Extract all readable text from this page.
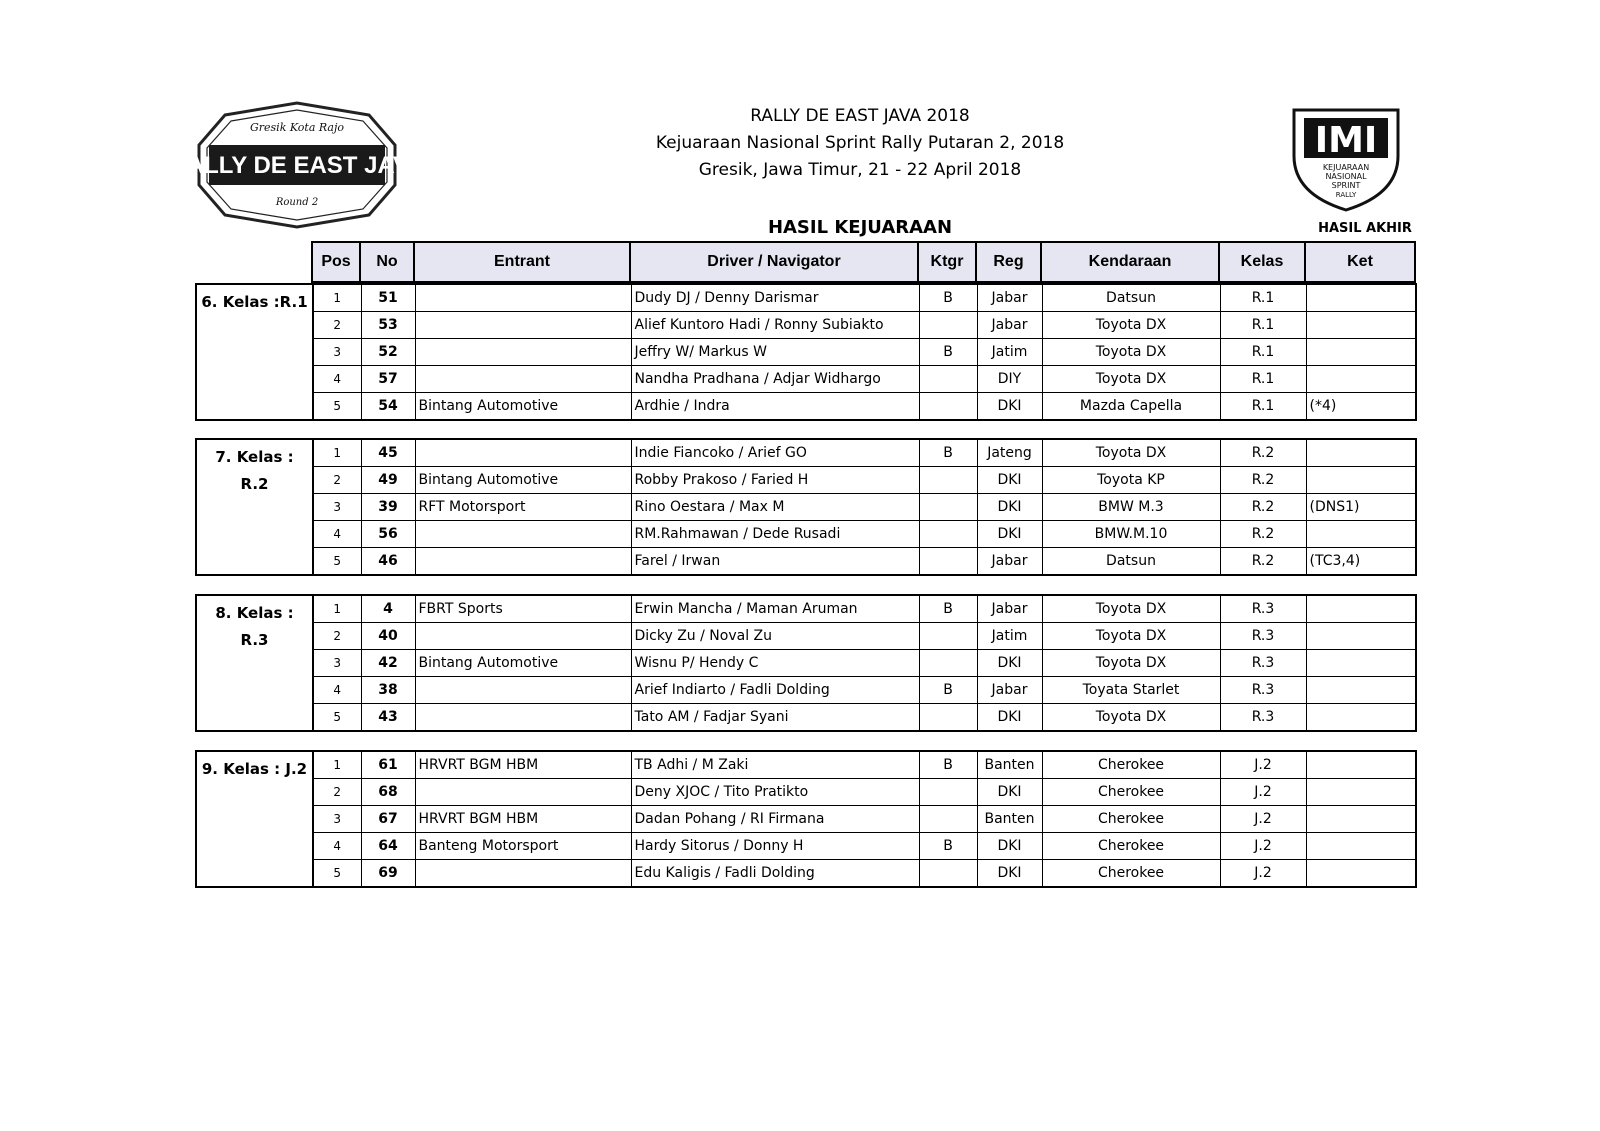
Gresik Kota Rajo
RALLY DE EAST JAVA
Round 2
RALLY DE EAST JAVA 2018
Kejuaraan Nasional Sprint Rally Putaran 2, 2018
Gresik, Jawa Timur, 21 - 22 April 2018
IMI
KEJUARAAN
NASIONAL
SPRINT
RALLY
HASIL KEJUARAAN	HASIL AKHIR
	Pos	No	Entrant	Driver / Navigator	Ktgr	Reg	Kendaraan	Kelas	Ket
6. Kelas :R.1	1	51		Dudy DJ / Denny Darismar	B	Jabar	Datsun	R.1	
	2	53		Alief Kuntoro Hadi / Ronny Subiakto		Jabar	Toyota DX	R.1	
	3	52		Jeffry W/ Markus W	B	Jatim	Toyota DX	R.1	
	4	57		Nandha Pradhana / Adjar Widhargo		DIY	Toyota DX	R.1	
	5	54	Bintang Automotive	Ardhie / Indra		DKI	Mazda Capella	R.1	(*4)
7. Kelas : R.2	1	45		Indie Fiancoko / Arief GO	B	Jateng	Toyota DX	R.2	
	2	49	Bintang Automotive	Robby Prakoso / Faried H		DKI	Toyota KP	R.2	
	3	39	RFT Motorsport	Rino Oestara / Max M		DKI	BMW M.3	R.2	(DNS1)
	4	56		RM.Rahmawan / Dede Rusadi		DKI	BMW.M.10	R.2	
	5	46		Farel / Irwan		Jabar	Datsun	R.2	(TC3,4)
8. Kelas : R.3	1	4	FBRT Sports	Erwin Mancha / Maman Aruman	B	Jabar	Toyota DX	R.3	
	2	40		Dicky Zu / Noval Zu		Jatim	Toyota DX	R.3	
	3	42	Bintang Automotive	Wisnu P/ Hendy C		DKI	Toyota DX	R.3	
	4	38		Arief Indiarto / Fadli Dolding	B	Jabar	Toyata Starlet	R.3	
	5	43		Tato AM / Fadjar Syani		DKI	Toyota DX	R.3	
9. Kelas : J.2	1	61	HRVRT BGM HBM	TB Adhi / M Zaki	B	Banten	Cherokee	J.2	
	2	68		Deny XJOC / Tito Pratikto		DKI	Cherokee	J.2	
	3	67	HRVRT BGM HBM	Dadan Pohang / RI Firmana		Banten	Cherokee	J.2	
	4	64	Banteng Motorsport	Hardy Sitorus / Donny H	B	DKI	Cherokee	J.2	
	5	69		Edu Kaligis / Fadli Dolding		DKI	Cherokee	J.2	
